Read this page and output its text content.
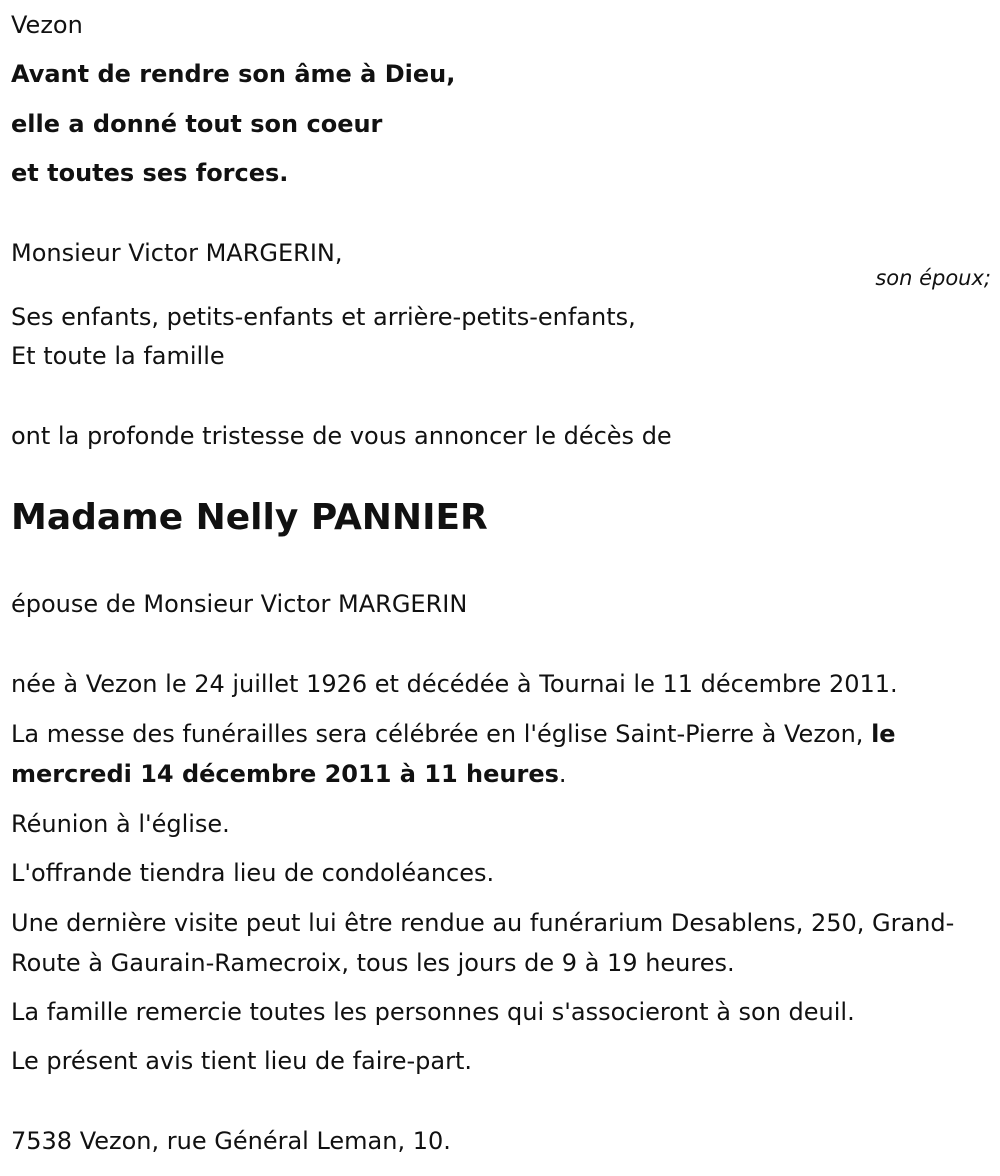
Vezon
Avant de rendre son âme à Dieu,
elle a donné tout son coeur
et toutes ses forces.
Monsieur Victor MARGERIN,
son époux;
Ses enfants, petits-enfants et arrière-petits-enfants,
Et toute la famille
ont la profonde tristesse de vous annoncer le décès de
Madame Nelly PANNIER
épouse de Monsieur Victor MARGERIN
née à Vezon le 24 juillet 1926 et décédée à Tournai le 11 décembre 2011.
La messe des funérailles sera célébrée en l'église Saint-Pierre à Vezon, le mercredi 14 décembre 2011 à 11 heures.
Réunion à l'église.
L'offrande tiendra lieu de condoléances.
Une dernière visite peut lui être rendue au funérarium Desablens, 250, Grand-Route à Gaurain-Ramecroix, tous les jours de 9 à 19 heures.
La famille remercie toutes les personnes qui s'associeront à son deuil.
Le présent avis tient lieu de faire-part.
7538 Vezon, rue Général Leman, 10.
